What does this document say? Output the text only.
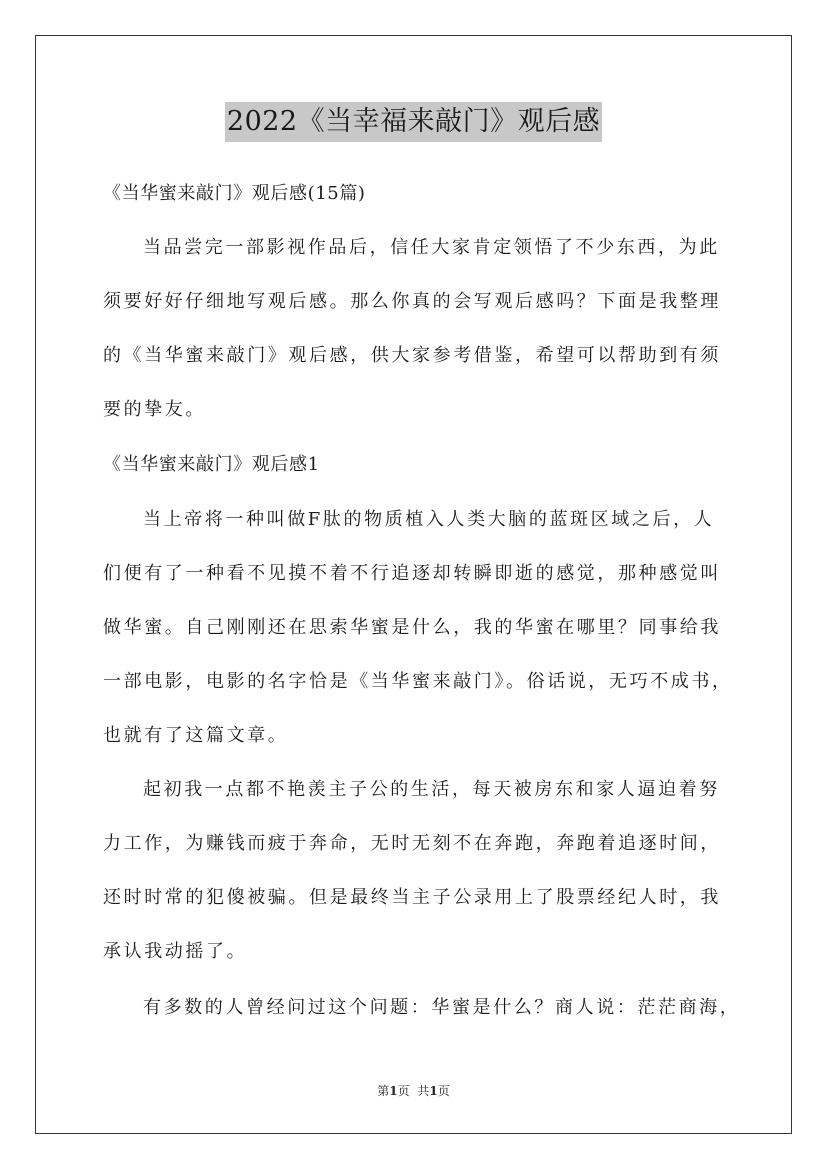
2022《当幸福来敲门》观后感
《当华蜜来敲门》观后感(15篇)
当品尝完一部影视作品后，信任大家肯定领悟了不少东西，为此
须要好好仔细地写观后感。那么你真的会写观后感吗？下面是我整理
的《当华蜜来敲门》观后感，供大家参考借鉴，希望可以帮助到有须
要的挚友。
《当华蜜来敲门》观后感1
当上帝将一种叫做F肽的物质植入人类大脑的蓝斑区域之后，人
们便有了一种看不见摸不着不行追逐却转瞬即逝的感觉，那种感觉叫
做华蜜。自己刚刚还在思索华蜜是什么，我的华蜜在哪里？同事给我
一部电影，电影的名字恰是《当华蜜来敲门》。俗话说，无巧不成书，
也就有了这篇文章。
起初我一点都不艳羡主子公的生活，每天被房东和家人逼迫着努
力工作，为赚钱而疲于奔命，无时无刻不在奔跑，奔跑着追逐时间，
还时时常的犯傻被骗。但是最终当主子公录用上了股票经纪人时，我
承认我动摇了。
有多数的人曾经问过这个问题：华蜜是什么？商人说：茫茫商海，
第1页 共1页
